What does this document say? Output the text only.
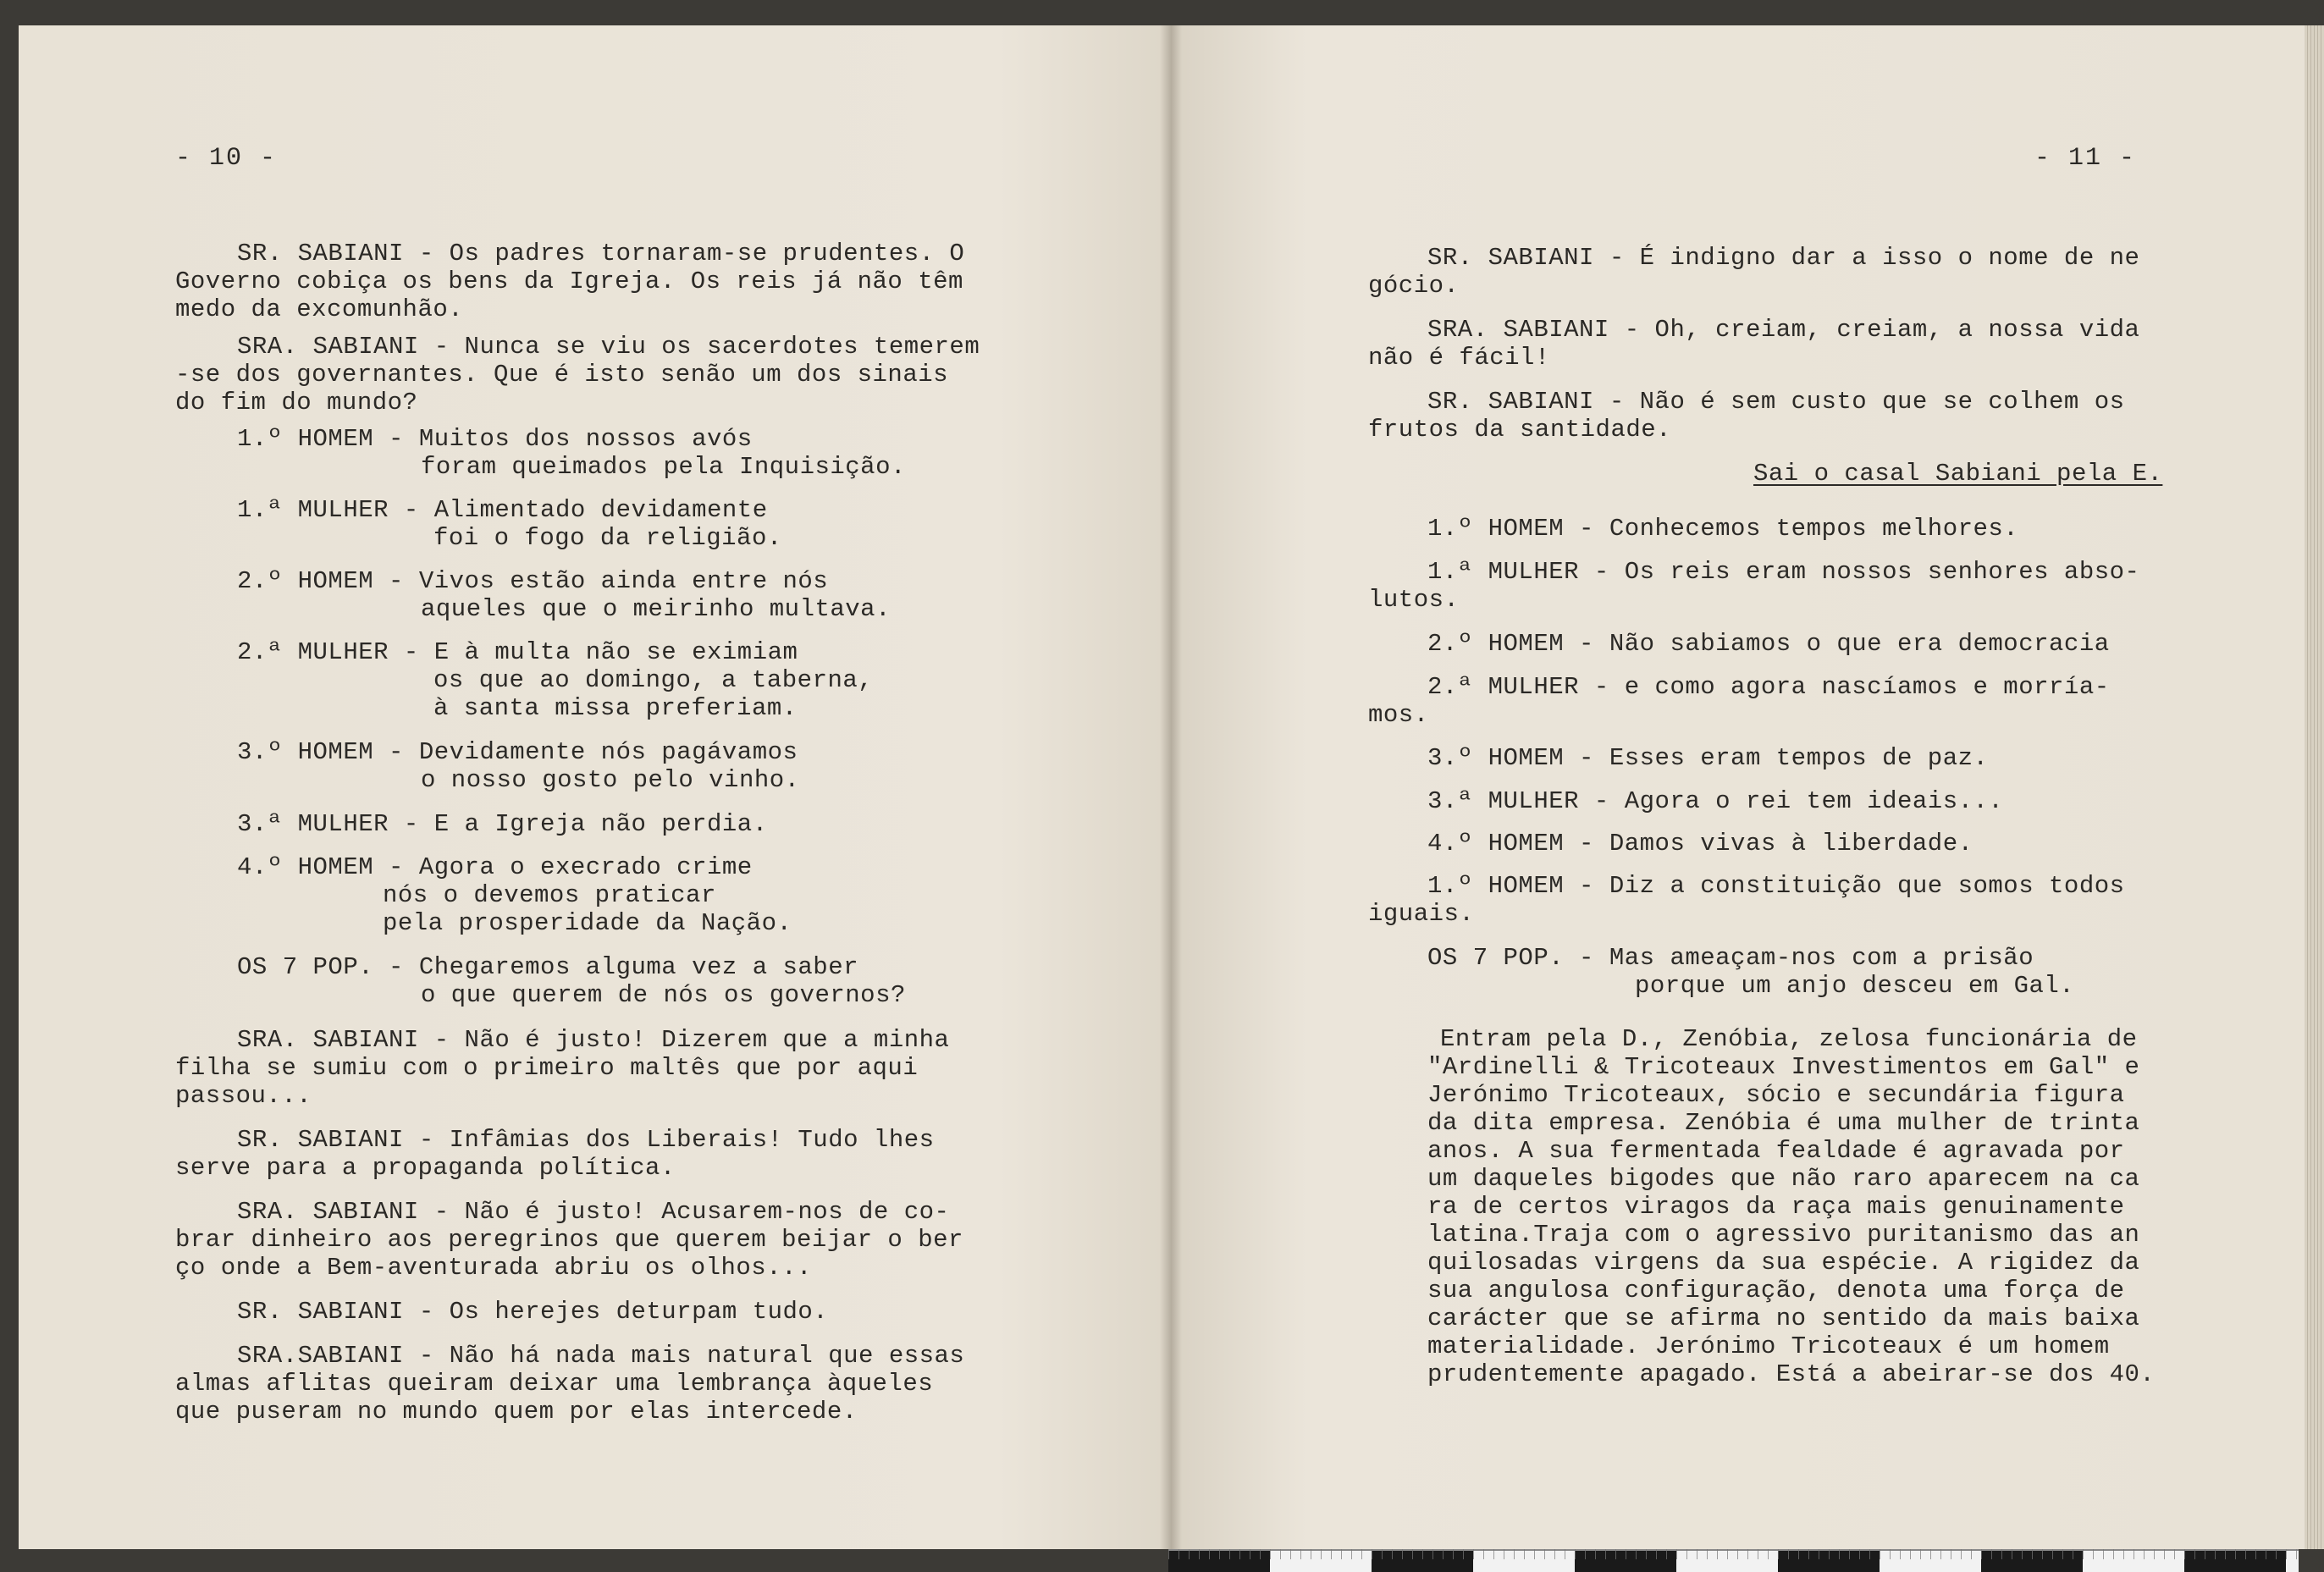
- 10 -
SR. SABIANI - Os padres tornaram-se prudentes. O
Governo cobiça os bens da Igreja. Os reis já não têm
medo da excomunhão.
SRA. SABIANI - Nunca se viu os sacerdotes temerem
-se dos governantes. Que é isto senão um dos sinais
do fim do mundo?
1.º HOMEM - Muitos dos nossos avós
foram queimados pela Inquisição.
1.ª MULHER - Alimentado devidamente
foi o fogo da religião.
2.º HOMEM - Vivos estão ainda entre nós
aqueles que o meirinho multava.
2.ª MULHER - E à multa não se eximiam
os que ao domingo, a taberna,
à santa missa preferiam.
3.º HOMEM - Devidamente nós pagávamos
o nosso gosto pelo vinho.
3.ª MULHER - E a Igreja não perdia.
4.º HOMEM - Agora o execrado crime
nós o devemos praticar
pela prosperidade da Nação.
OS 7 POP. - Chegaremos alguma vez a saber
o que querem de nós os governos?
SRA. SABIANI - Não é justo! Dizerem que a minha
filha se sumiu com o primeiro maltês que por aqui
passou...
SR. SABIANI - Infâmias dos Liberais! Tudo lhes
serve para a propaganda política.
SRA. SABIANI - Não é justo! Acusarem-nos de co-
brar dinheiro aos peregrinos que querem beijar o ber
ço onde a Bem-aventurada abriu os olhos...
SR. SABIANI - Os herejes deturpam tudo.
SRA.SABIANI - Não há nada mais natural que essas
almas aflitas queiram deixar uma lembrança àqueles
que puseram no mundo quem por elas intercede.
- 11 -
SR. SABIANI - É indigno dar a isso o nome de ne
gócio.
SRA. SABIANI - Oh, creiam, creiam, a nossa vida
não é fácil!
SR. SABIANI - Não é sem custo que se colhem os
frutos da santidade.
Sai o casal Sabiani pela E.
1.º HOMEM - Conhecemos tempos melhores.
1.ª MULHER - Os reis eram nossos senhores abso-
lutos.
2.º HOMEM - Não sabiamos o que era democracia
2.ª MULHER - e como agora nascíamos e morría-
mos.
3.º HOMEM - Esses eram tempos de paz.
3.ª MULHER - Agora o rei tem ideais...
4.º HOMEM - Damos vivas à liberdade.
1.º HOMEM - Diz a constituição que somos todos
iguais.
OS 7 POP. - Mas ameaçam-nos com a prisão
porque um anjo desceu em Gal.
Entram pela D., Zenóbia, zelosa funcionária de
"Ardinelli & Tricoteaux Investimentos em Gal" e
Jerónimo Tricoteaux, sócio e secundária figura
da dita empresa. Zenóbia é uma mulher de trinta
anos. A sua fermentada fealdade é agravada por
um daqueles bigodes que não raro aparecem na ca
ra de certos viragos da raça mais genuinamente
latina.Traja com o agressivo puritanismo das an
quilosadas virgens da sua espécie. A rigidez da
sua angulosa configuração, denota uma força de
carácter que se afirma no sentido da mais baixa
materialidade. Jerónimo Tricoteaux é um homem
prudentemente apagado. Está a abeirar-se dos 40.
